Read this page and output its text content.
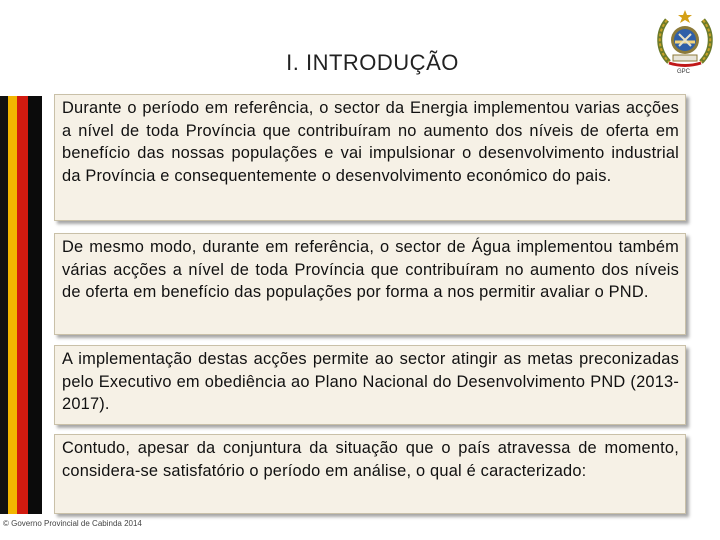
I. INTRODUÇÃO	GPC
Durante o período em referência, o sector da Energia implementou varias acções a nível de toda Província que contribuíram no aumento dos níveis de oferta em benefício das nossas populações e vai impulsionar o desenvolvimento industrial da Província e consequentemente o desenvolvimento económico do pais.
De mesmo modo, durante em referência, o sector de Água implementou também várias acções a nível de toda Província que contribuíram no aumento dos níveis de oferta em benefício das populações por forma a nos permitir avaliar o PND.
A implementação destas acções permite ao sector atingir as metas preconizadas pelo Executivo em obediência ao Plano Nacional do Desenvolvimento PND (2013-2017).
Contudo, apesar da conjuntura da situação que o país atravessa de momento, considera-se satisfatório o período em análise, o qual é caracterizado:
© Governo Provincial de Cabinda 2014
